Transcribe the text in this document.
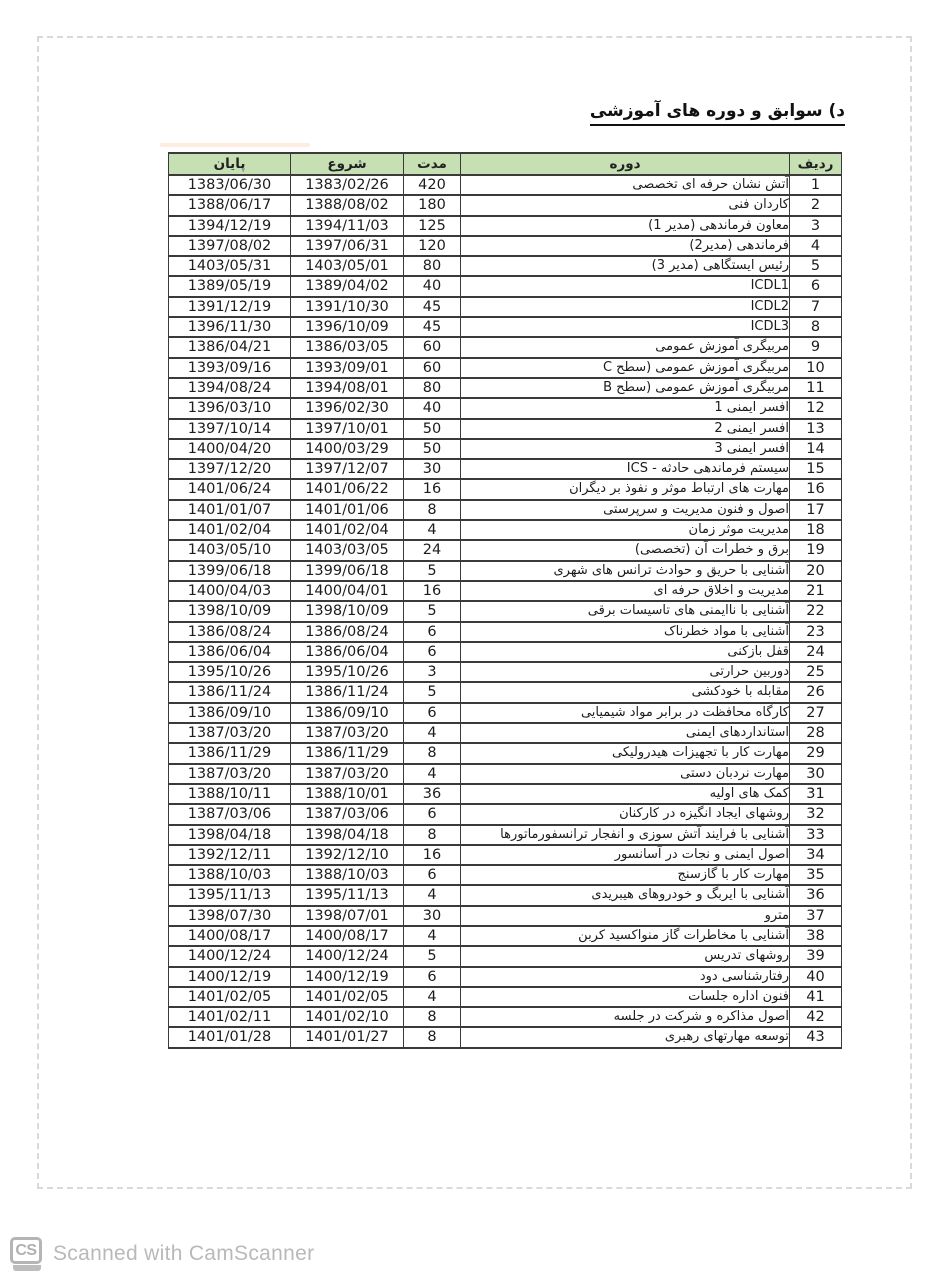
د) سوابق و دوره های آموزشی
ردیف	دوره	مدت	شروع	پایان
1	آتش نشان حرفه ای تخصصی	420	1383/02/26	1383/06/30
2	کاردان فنی	180	1388/08/02	1388/06/17
3	معاون فرماندهی (مدیر 1)	125	1394/11/03	1394/12/19
4	فرماندهی (مدیر2)	120	1397/06/31	1397/08/02
5	رئیس ایستگاهی (مدیر 3)	80	1403/05/01	1403/05/31
6	ICDL1	40	1389/04/02	1389/05/19
7	ICDL2	45	1391/10/30	1391/12/19
8	ICDL3	45	1396/10/09	1396/11/30
9	مربیگری آموزش عمومی	60	1386/03/05	1386/04/21
10	مربیگری آموزش عمومی (سطح C	60	1393/09/01	1393/09/16
11	مربیگری آموزش عمومی (سطح B	80	1394/08/01	1394/08/24
12	افسر ایمنی 1	40	1396/02/30	1396/03/10
13	افسر ایمنی 2	50	1397/10/01	1397/10/14
14	افسر ایمنی 3	50	1400/03/29	1400/04/20
15	سیستم فرماندهی حادثه - ICS	30	1397/12/07	1397/12/20
16	مهارت های ارتباط موثر و نفوذ بر دیگران	16	1401/06/22	1401/06/24
17	اصول و فنون مدیریت و سرپرستی	8	1401/01/06	1401/01/07
18	مدیریت موثر زمان	4	1401/02/04	1401/02/04
19	برق و خطرات آن (تخصصی)	24	1403/03/05	1403/05/10
20	آشنایی با حریق و حوادث ترانس های شهری	5	1399/06/18	1399/06/18
21	مدیریت و اخلاق حرفه ای	16	1400/04/01	1400/04/03
22	آشنایی با ناایمنی های تاسیسات برقی	5	1398/10/09	1398/10/09
23	آشنایی با مواد خطرناک	6	1386/08/24	1386/08/24
24	قفل بازکنی	6	1386/06/04	1386/06/04
25	دوربین حرارتی	3	1395/10/26	1395/10/26
26	مقابله با خودکشی	5	1386/11/24	1386/11/24
27	کارگاه محافظت در برابر مواد شیمیایی	6	1386/09/10	1386/09/10
28	استانداردهای ایمنی	4	1387/03/20	1387/03/20
29	مهارت کار با تجهیزات هیدرولیکی	8	1386/11/29	1386/11/29
30	مهارت نردبان دستی	4	1387/03/20	1387/03/20
31	کمک های اولیه	36	1388/10/01	1388/10/11
32	روشهای ایجاد انگیزه در کارکنان	6	1387/03/06	1387/03/06
33	آشنایی با فرایند آتش سوزی و انفجار ترانسفورماتورها	8	1398/04/18	1398/04/18
34	اصول ایمنی و نجات در آسانسور	16	1392/12/10	1392/12/11
35	مهارت کار با گازسنج	6	1388/10/03	1388/10/03
36	آشنایی با ایربگ و خودروهای هیبریدی	4	1395/11/13	1395/11/13
37	مترو	30	1398/07/01	1398/07/30
38	آشنایی با مخاطرات گاز منواکسید کربن	4	1400/08/17	1400/08/17
39	روشهای تدریس	5	1400/12/24	1400/12/24
40	رفتارشناسی دود	6	1400/12/19	1400/12/19
41	فنون اداره جلسات	4	1401/02/05	1401/02/05
42	اصول مذاکره و شرکت در جلسه	8	1401/02/10	1401/02/11
43	توسعه مهارتهای رهبری	8	1401/01/27	1401/01/28
CS Scanned with CamScanner
